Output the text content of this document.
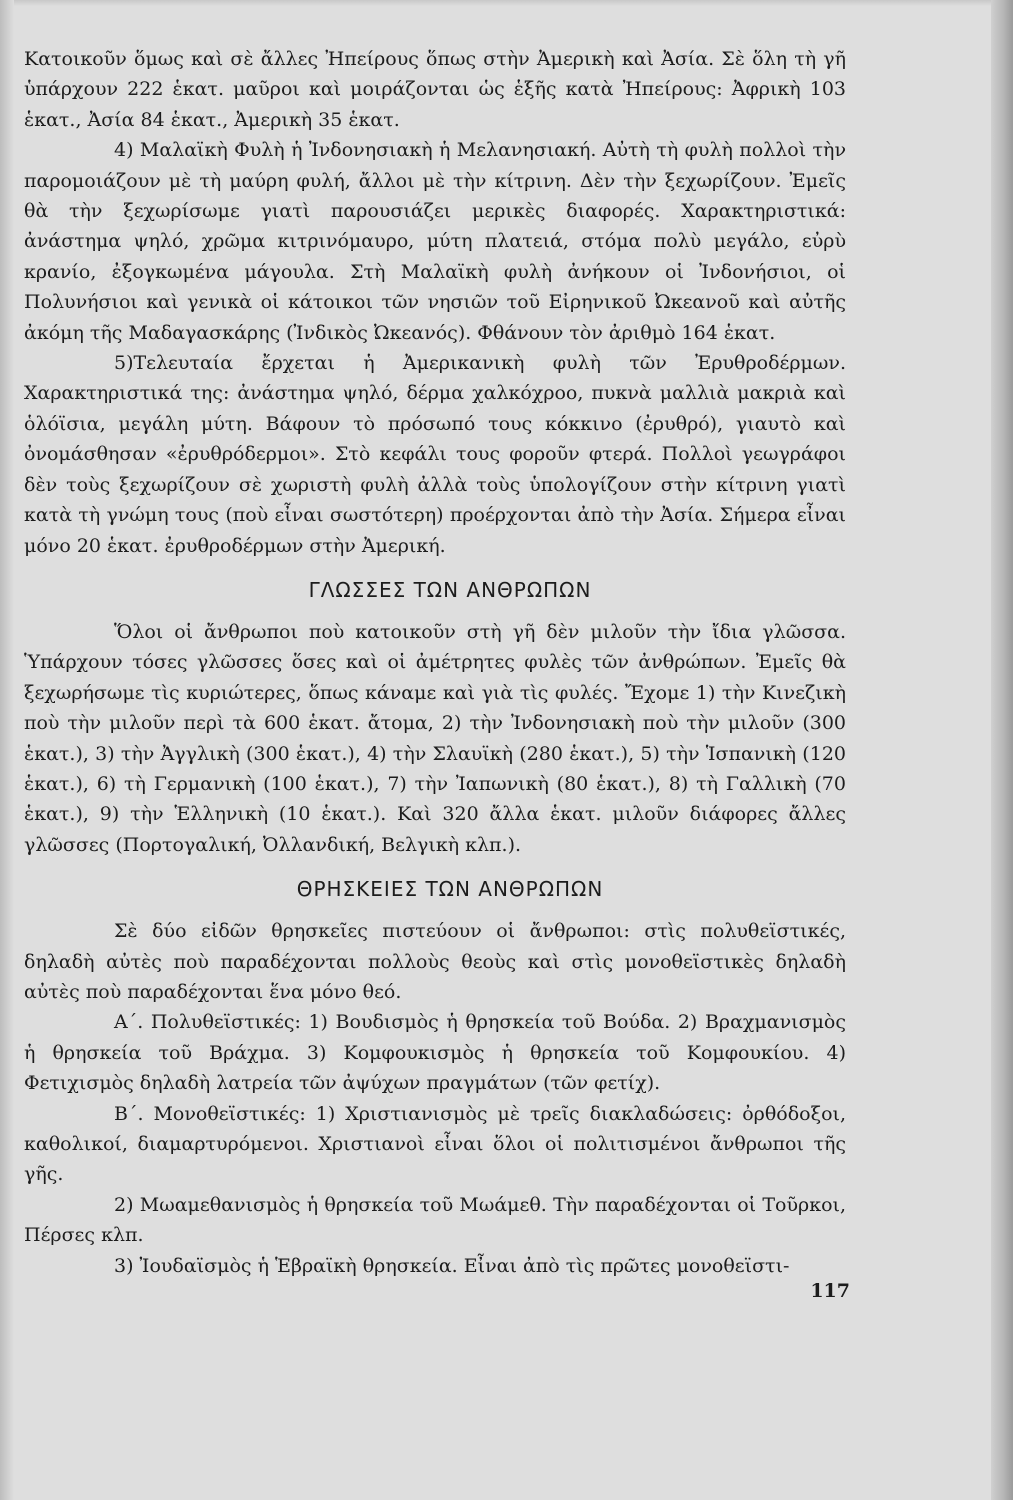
Κατοικοῦν ὅμως καὶ σὲ ἄλλες Ἠπείρους ὅπως στὴν Ἀμερικὴ καὶ Ἀσία. Σὲ ὅλη τὴ γῆ ὑπάρχουν 222 ἑκατ. μαῦροι καὶ μοιράζονται ὡς ἑξῆς κατὰ Ἠπείρους: Ἀφρικὴ 103 ἑκατ., Ἀσία 84 ἑκατ., Ἀμερικὴ 35 ἑκατ.

4) Μαλαϊκὴ Φυλὴ ἡ Ἰνδονησιακὴ ἡ Μελανησιακή. Αὐτὴ τὴ φυλὴ πολλοὶ τὴν παρομοιάζουν μὲ τὴ μαύρη φυλή, ἄλλοι μὲ τὴν κίτρινη. Δὲν τὴν ξεχωρίζουν. Ἐμεῖς θὰ τὴν ξεχωρίσωμε γιατὶ παρουσιάζει μερικὲς διαφορές. Χαρακτηριστικά: ἀνάστημα ψηλό, χρῶμα κιτρινόμαυρο, μύτη πλατειά, στόμα πολὺ μεγάλο, εὐρὺ κρανίο, ἐξογκωμένα μάγουλα. Στὴ Μαλαϊκὴ φυλὴ ἀνήκουν οἱ Ἰνδονήσιοι, οἱ Πολυνήσιοι καὶ γενικὰ οἱ κάτοικοι τῶν νησιῶν τοῦ Εἰρηνικοῦ Ὠκεανοῦ καὶ αὐτῆς ἀκόμη τῆς Μαδαγασκάρης (Ἰνδικὸς Ὠκεανός). Φθάνουν τὸν ἀριθμὸ 164 ἑκατ.

5)Τελευταία ἔρχεται ἡ Ἀμερικανικὴ φυλὴ τῶν Ἐρυθροδέρμων. Χαρακτηριστικά της: ἀνάστημα ψηλό, δέρμα χαλκόχροο, πυκνὰ μαλλιὰ μακριὰ καὶ ὁλόϊσια, μεγάλη μύτη. Βάφουν τὸ πρόσωπό τους κόκκινο (ἐρυθρό), γιαυτὸ καὶ ὀνομάσθησαν «ἐρυθρόδερμοι». Στὸ κεφάλι τους φοροῦν φτερά. Πολλοὶ γεωγράφοι δὲν τοὺς ξεχωρίζουν σὲ χωριστὴ φυλὴ ἀλλὰ τοὺς ὑπολογίζουν στὴν κίτρινη γιατὶ κατὰ τὴ γνώμη τους (ποὺ εἶναι σωστότερη) προέρχονται ἀπὸ τὴν Ἀσία. Σήμερα εἶναι μόνο 20 ἑκατ. ἐρυθροδέρμων στὴν Ἀμερική.

ΓΛΩΣΣΕΣ ΤΩΝ ΑΝΘΡΩΠΩΝ

Ὅλοι οἱ ἄνθρωποι ποὺ κατοικοῦν στὴ γῆ δὲν μιλοῦν τὴν ἴδια γλῶσσα. Ὑπάρχουν τόσες γλῶσσες ὅσες καὶ οἱ ἀμέτρητες φυλὲς τῶν ἀνθρώπων. Ἐμεῖς θὰ ξεχωρήσωμε τὶς κυριώτερες, ὅπως κάναμε καὶ γιὰ τὶς φυλές. Ἔχομε 1) τὴν Κινεζικὴ ποὺ τὴν μιλοῦν περὶ τὰ 600 ἑκατ. ἄτομα, 2) τὴν Ἰνδονησιακὴ ποὺ τὴν μιλοῦν (300 ἑκατ.), 3) τὴν Ἀγγλικὴ (300 ἑκατ.), 4) τὴν Σλαυϊκὴ (280 ἑκατ.), 5) τὴν Ἱσπανικὴ (120 ἑκατ.), 6) τὴ Γερμανικὴ (100 ἑκατ.), 7) τὴν Ἰαπωνικὴ (80 ἑκατ.), 8) τὴ Γαλλικὴ (70 ἑκατ.), 9) τὴν Ἑλληνικὴ (10 ἑκατ.). Καὶ 320 ἄλλα ἑκατ. μιλοῦν διάφορες ἄλλες γλῶσσες (Πορτογαλική, Ὀλλανδική, Βελγικὴ κλπ.).

ΘΡΗΣΚΕΙΕΣ ΤΩΝ ΑΝΘΡΩΠΩΝ

Σὲ δύο εἰδῶν θρησκεῖες πιστεύουν οἱ ἄνθρωποι: στὶς πολυθεϊστικές, δηλαδὴ αὐτὲς ποὺ παραδέχονται πολλοὺς θεοὺς καὶ στὶς μονοθεϊστικὲς δηλαδὴ αὐτὲς ποὺ παραδέχονται ἕνα μόνο θεό.

Α΄. Πολυθεϊστικές: 1) Βουδισμὸς ἡ θρησκεία τοῦ Βούδα. 2) Βραχμανισμὸς ἡ θρησκεία τοῦ Βράχμα. 3) Κομφουκισμὸς ἡ θρησκεία τοῦ Κομφουκίου. 4) Φετιχισμὸς δηλαδὴ λατρεία τῶν ἀψύχων πραγμάτων (τῶν φετίχ).

Β΄. Μονοθεϊστικές: 1) Χριστιανισμὸς μὲ τρεῖς διακλαδώσεις: ὀρθόδοξοι, καθολικοί, διαμαρτυρόμενοι. Χριστιανοὶ εἶναι ὅλοι οἱ πολιτισμένοι ἄνθρωποι τῆς γῆς.

2) Μωαμεθανισμὸς ἡ θρησκεία τοῦ Μωάμεθ. Τὴν παραδέχονται οἱ Τοῦρκοι, Πέρσες κλπ.

3) Ἰουδαϊσμὸς ἡ Ἑβραϊκὴ θρησκεία. Εἶναι ἀπὸ τὶς πρῶτες μονοθεϊστι-

117
